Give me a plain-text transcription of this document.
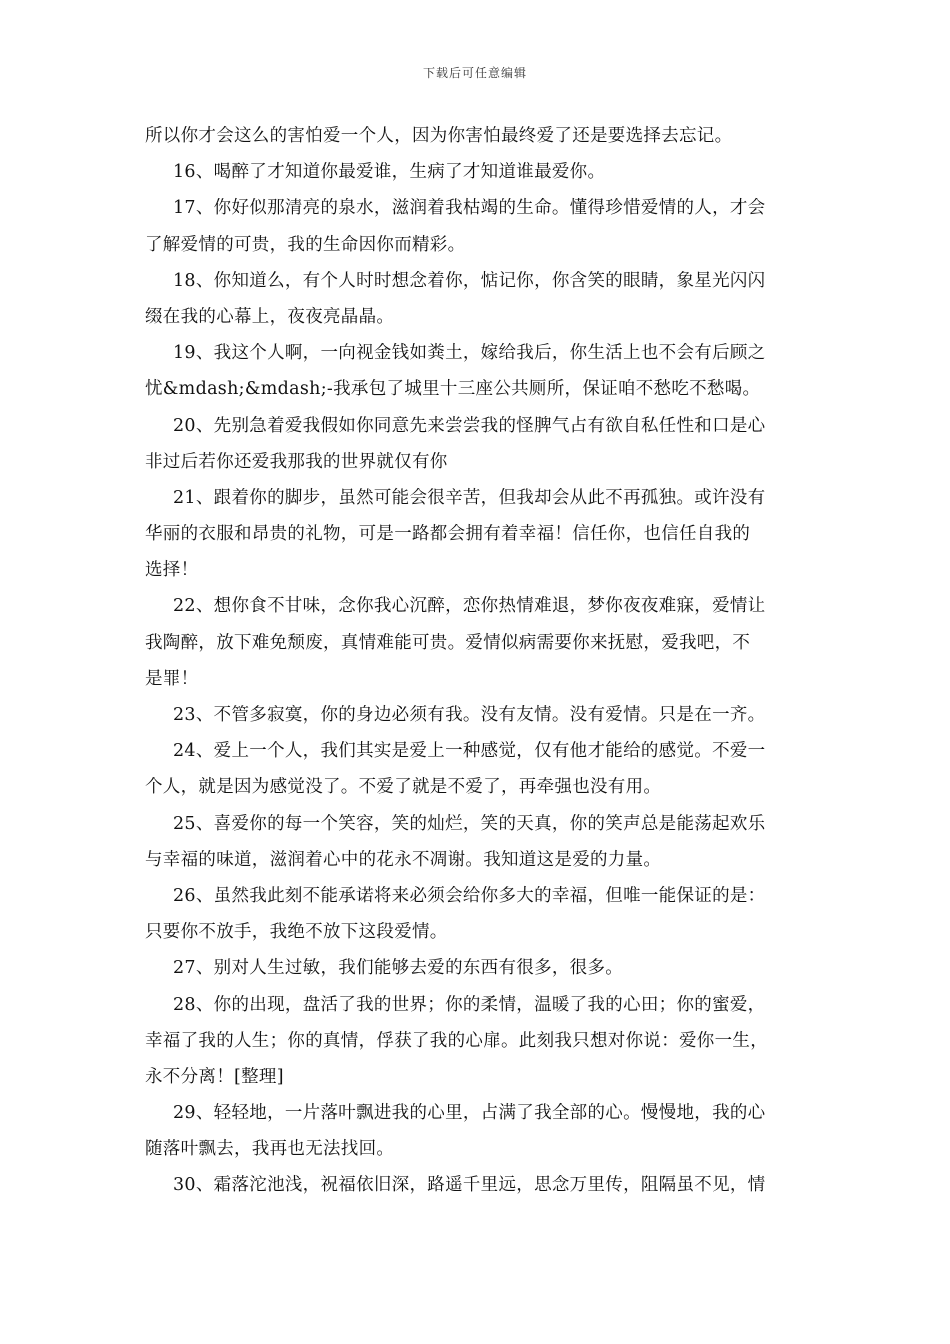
下载后可任意编辑
所以你才会这么的害怕爱一个人，因为你害怕最终爱了还是要选择去忘记。
16、喝醉了才知道你最爱谁，生病了才知道谁最爱你。
17、你好似那清亮的泉水，滋润着我枯竭的生命。懂得珍惜爱情的人，才会
了解爱情的可贵，我的生命因你而精彩。
18、你知道么，有个人时时想念着你，惦记你，你含笑的眼睛，象星光闪闪
缀在我的心幕上，夜夜亮晶晶。
19、我这个人啊，一向视金钱如粪土，嫁给我后，你生活上也不会有后顾之
忧&mdash;&mdash;-我承包了城里十三座公共厕所，保证咱不愁吃不愁喝。
20、先别急着爱我假如你同意先来尝尝我的怪脾气占有欲自私任性和口是心
非过后若你还爱我那我的世界就仅有你
21、跟着你的脚步，虽然可能会很辛苦，但我却会从此不再孤独。或许没有
华丽的衣服和昂贵的礼物，可是一路都会拥有着幸福！信任你，也信任自我的
选择！
22、想你食不甘味，念你我心沉醉，恋你热情难退，梦你夜夜难寐，爱情让
我陶醉，放下难免颓废，真情难能可贵。爱情似病需要你来抚慰，爱我吧，不
是罪！
23、不管多寂寞，你的身边必须有我。没有友情。没有爱情。只是在一齐。
24、爱上一个人，我们其实是爱上一种感觉，仅有他才能给的感觉。不爱一
个人，就是因为感觉没了。不爱了就是不爱了，再牵强也没有用。
25、喜爱你的每一个笑容，笑的灿烂，笑的天真，你的笑声总是能荡起欢乐
与幸福的味道，滋润着心中的花永不凋谢。我知道这是爱的力量。
26、虽然我此刻不能承诺将来必须会给你多大的幸福，但唯一能保证的是：
只要你不放手，我绝不放下这段爱情。
27、别对人生过敏，我们能够去爱的东西有很多，很多。
28、你的出现，盘活了我的世界；你的柔情，温暖了我的心田；你的蜜爱，
幸福了我的人生；你的真情，俘获了我的心扉。此刻我只想对你说：爱你一生，
永不分离！[整理]
29、轻轻地，一片落叶飘进我的心里，占满了我全部的心。慢慢地，我的心
随落叶飘去，我再也无法找回。
30、霜落沱池浅，祝福依旧深，路遥千里远，思念万里传，阻隔虽不见，情
